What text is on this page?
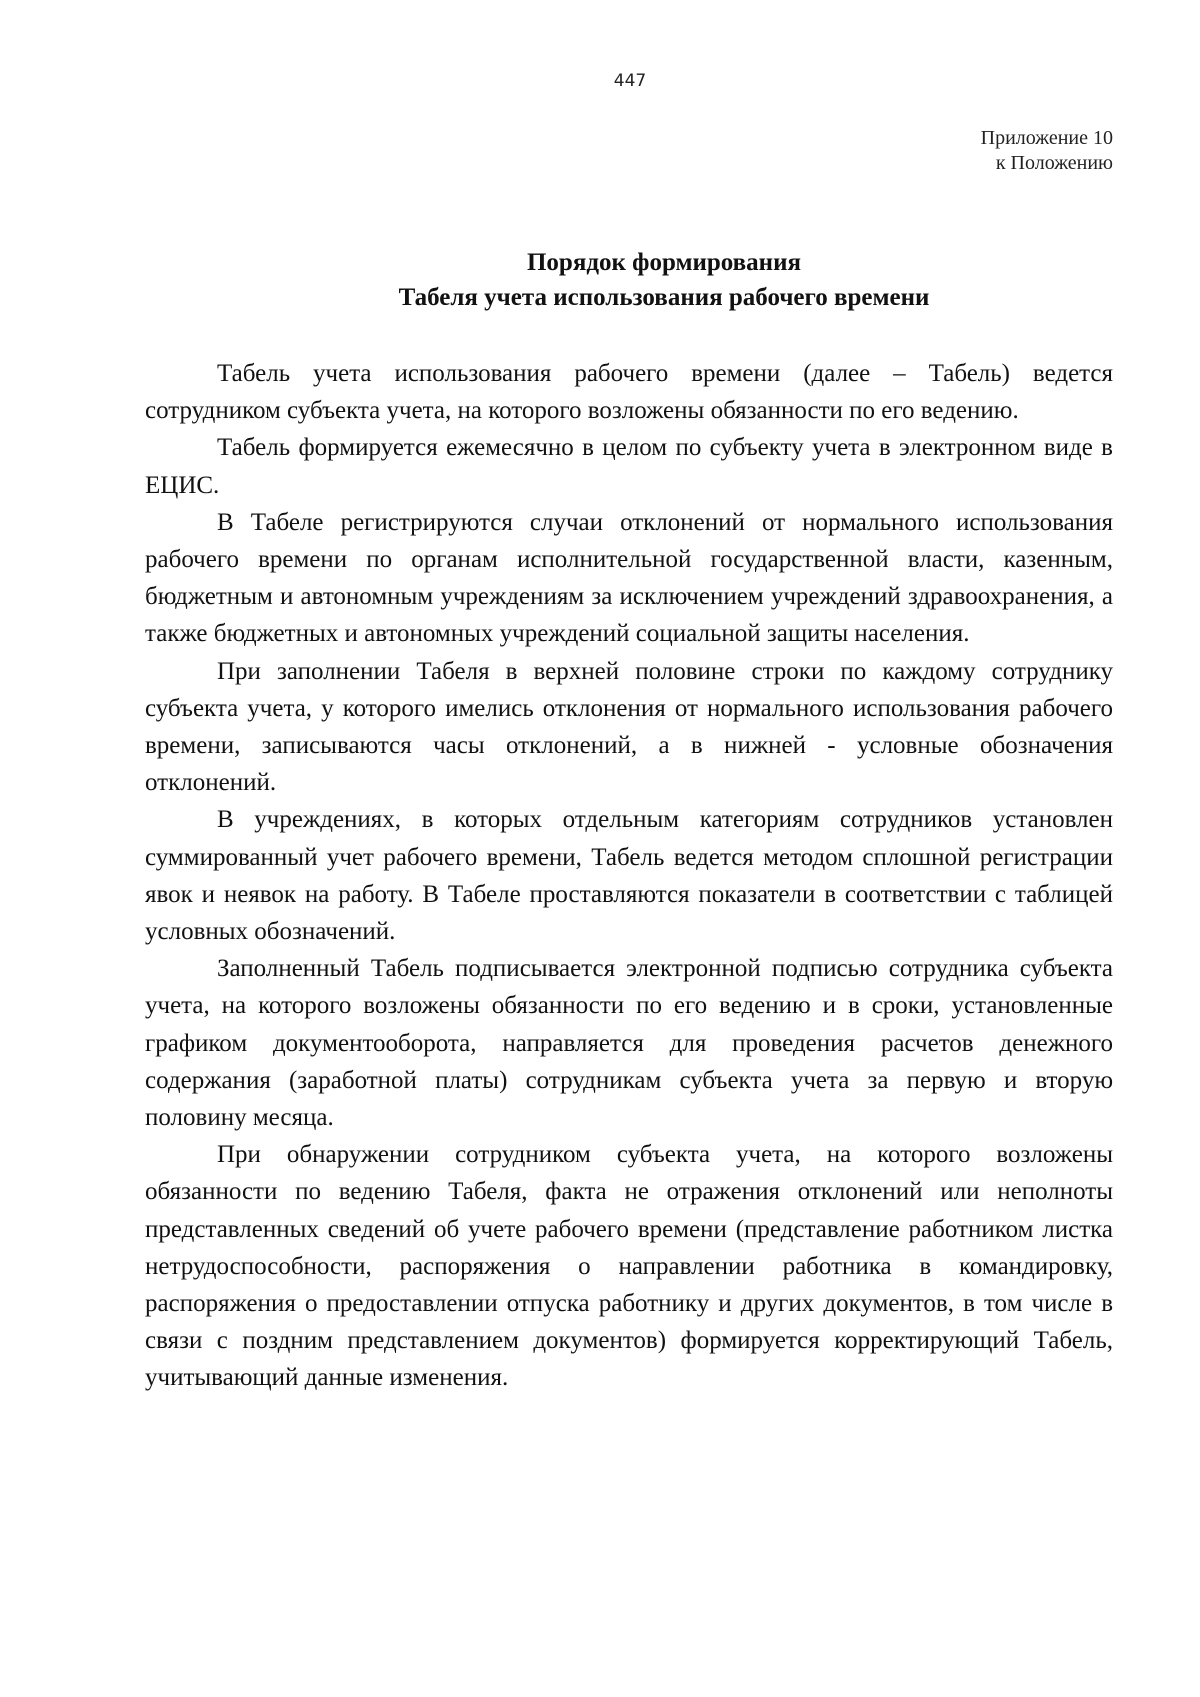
447
Приложение 10
к Положению
Порядок формирования
Табеля учета использования рабочего времени

Табель учета использования рабочего времени (далее – Табель) ведется сотрудником субъекта учета, на которого возложены обязанности по его ведению.

Табель формируется ежемесячно в целом по субъекту учета в электронном виде в ЕЦИС.

В Табеле регистрируются случаи отклонений от нормального использования рабочего времени по органам исполнительной государственной власти, казенным, бюджетным и автономным учреждениям за исключением учреждений здравоохранения, а также бюджетных и автономных учреждений социальной защиты населения.

При заполнении Табеля в верхней половине строки по каждому сотруднику субъекта учета, у которого имелись отклонения от нормального использования рабочего времени, записываются часы отклонений, а в нижней - условные обозначения отклонений.

В учреждениях, в которых отдельным категориям сотрудников установлен суммированный учет рабочего времени, Табель ведется методом сплошной регистрации явок и неявок на работу. В Табеле проставляются показатели в соответствии с таблицей условных обозначений.

Заполненный Табель подписывается электронной подписью сотрудника субъекта учета, на которого возложены обязанности по его ведению и в сроки, установленные графиком документооборота, направляется для проведения расчетов денежного содержания (заработной платы) сотрудникам субъекта учета за первую и вторую половину месяца.

При обнаружении сотрудником субъекта учета, на которого возложены обязанности по ведению Табеля, факта не отражения отклонений или неполноты представленных сведений об учете рабочего времени (представление работником листка нетрудоспособности, распоряжения о направлении работника в командировку, распоряжения о предоставлении отпуска работнику и других документов, в том числе в связи с поздним представлением документов) формируется корректирующий Табель, учитывающий данные изменения.
